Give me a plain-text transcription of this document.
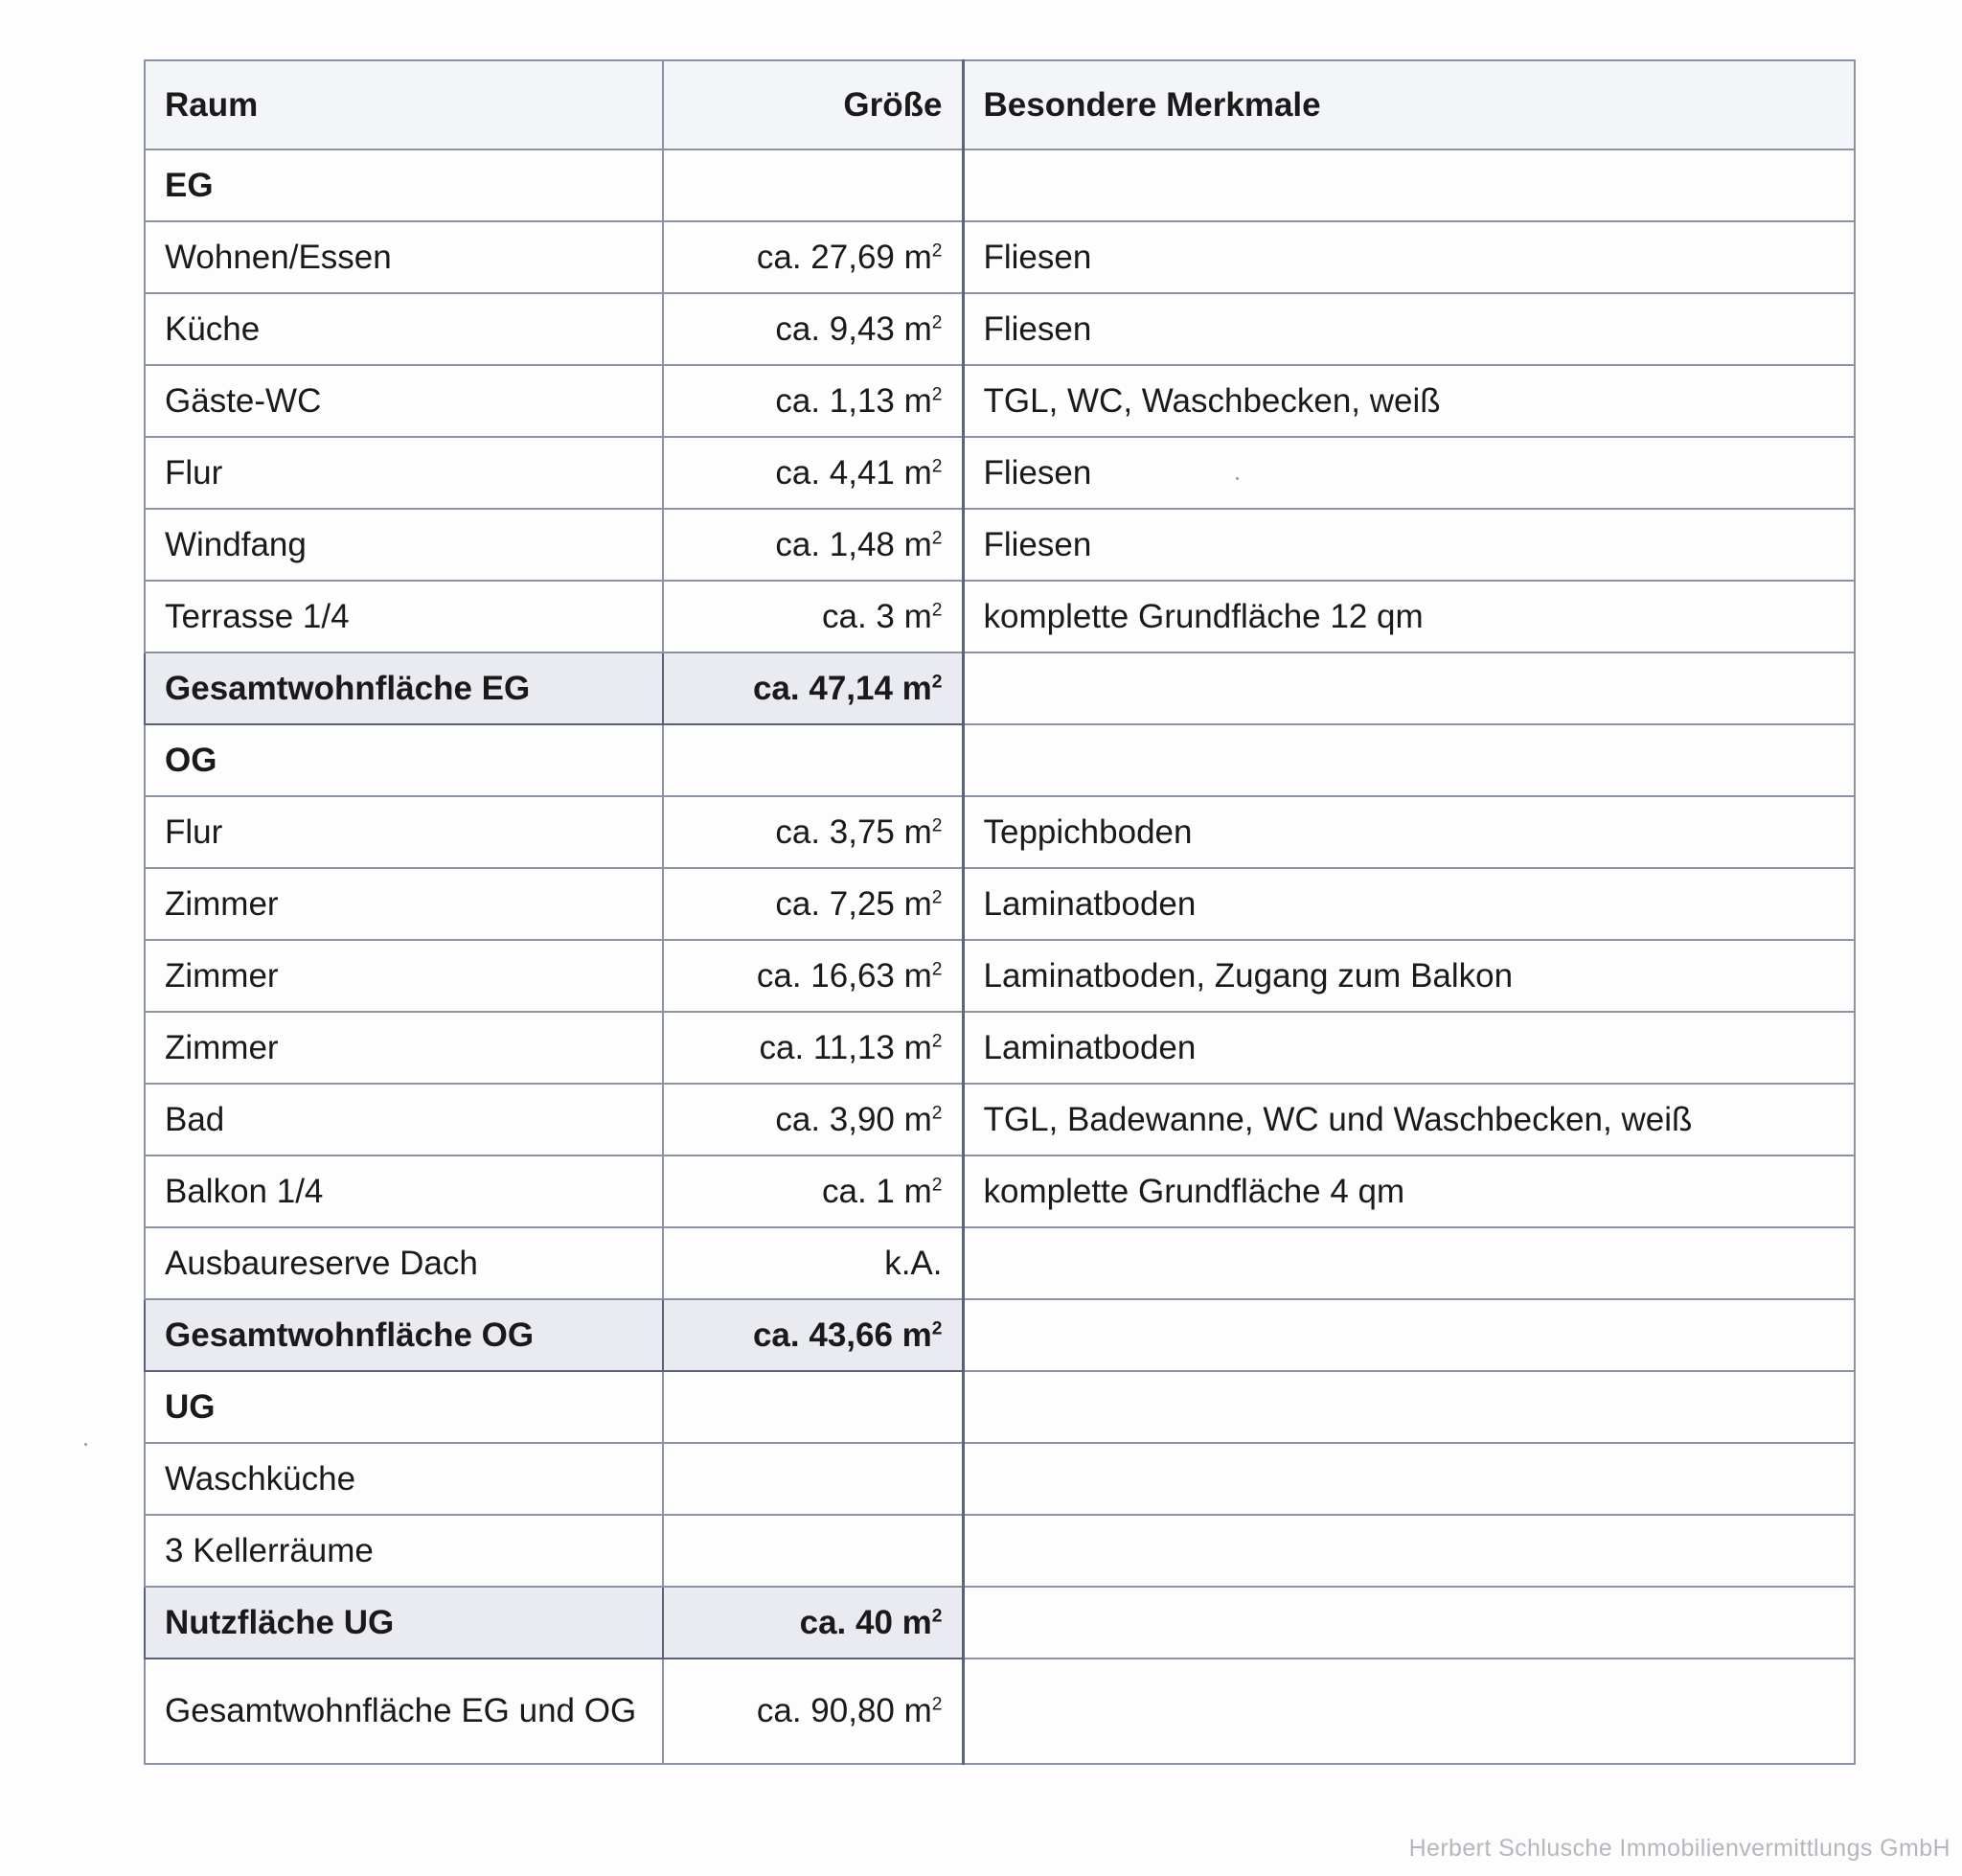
Raum	Größe	Besondere Merkmale
EG		
Wohnen/Essen	ca. 27,69 $m^2$	Fliesen
Küche	ca. 9,43 $m^2$	Fliesen
Gäste-WC	ca. 1,13 $m^2$	TGL, WC, Waschbecken, weiß
Flur	ca. 4,41 $m^2$	Fliesen
Windfang	ca. 1,48 $m^2$	Fliesen
Terrasse 1/4	ca. 3 $m^2$	komplette Grundfläche 12 qm
Gesamtwohnfläche EG	ca. 47,14 $m^2$	
OG		
Flur	ca. 3,75 $m^2$	Teppichboden
Zimmer	ca. 7,25 $m^2$	Laminatboden
Zimmer	ca. 16,63 $m^2$	Laminatboden, Zugang zum Balkon
Zimmer	ca. 11,13 $m^2$	Laminatboden
Bad	ca. 3,90 $m^2$	TGL, Badewanne, WC und Waschbecken, weiß
Balkon 1/4	ca. 1 $m^2$	komplette Grundfläche 4 qm
Ausbaureserve Dach	k.A.	
Gesamtwohnfläche OG	ca. 43,66 $m^2$	
UG		
Waschküche		
3 Kellerräume		
Nutzfläche UG	ca. 40 $m^2$	
Gesamtwohnfläche EG und OG	ca. 90,80 $m^2$	
Herbert Schlusche Immobilienvermittlungs GmbH
